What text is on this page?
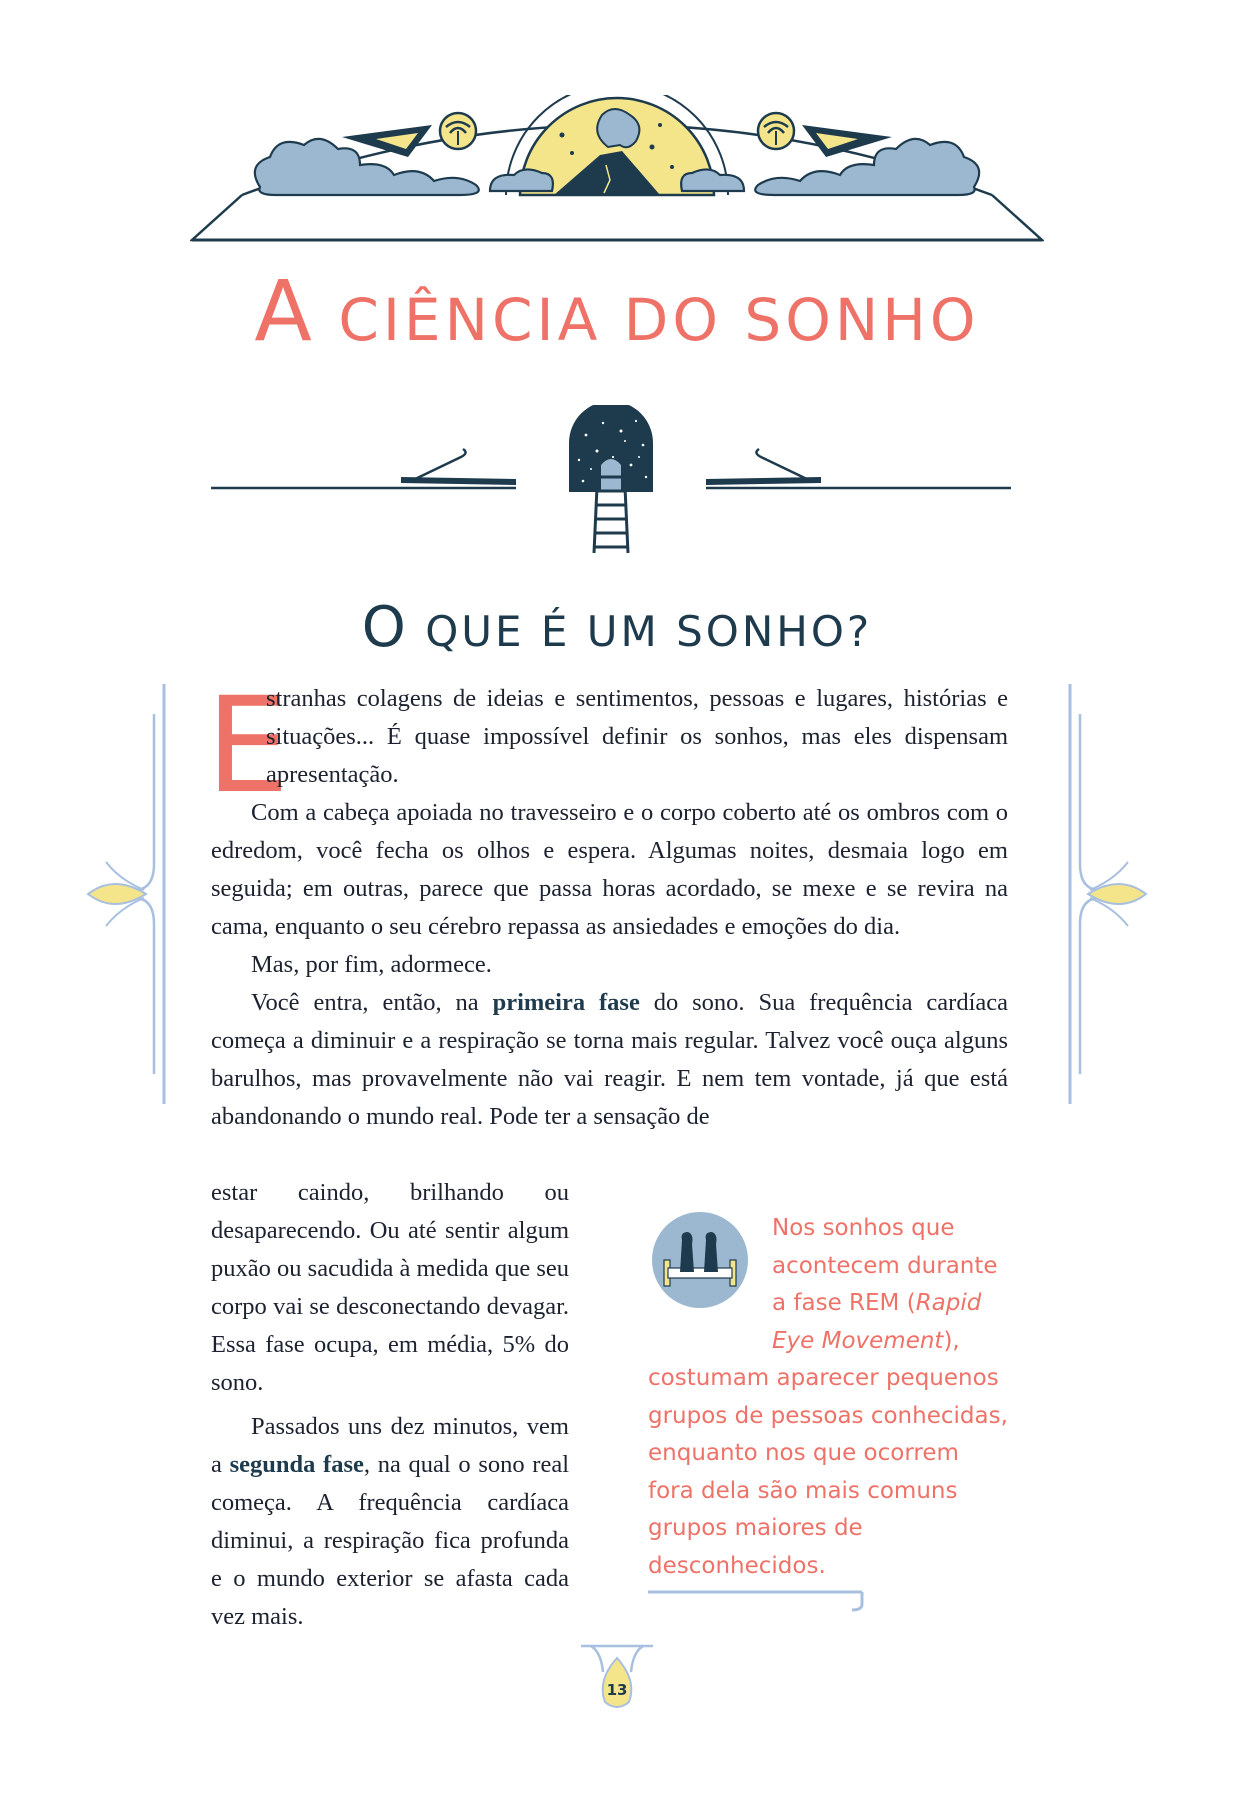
A CIÊNCIA DO SONHO
O QUE É UM SONHO?
E

stranhas colagens de ideias e sentimentos, pessoas e lugares, histórias e situações... É quase impossível definir os sonhos, mas eles dispensam apresentação.

Com a cabeça apoiada no travesseiro e o corpo coberto até os ombros com o edredom, você fecha os olhos e espera. Algumas noites, desmaia logo em seguida; em outras, parece que passa horas acordado, se mexe e se revira na cama, enquanto o seu cérebro repassa as ansiedades e emoções do dia.

Mas, por fim, adormece.

Você entra, então, na primeira fase do sono. Sua frequência cardíaca começa a diminuir e a respiração se torna mais regular. Talvez você ouça alguns barulhos, mas provavelmente não vai reagir. E nem tem vontade, já que está abandonando o mundo real. Pode ter a sensação de

estar caindo, brilhando ou desaparecendo. Ou até sentir algum puxão ou sacudida à medida que seu corpo vai se desconectando devagar. Essa fase ocupa, em média, 5% do sono.

Passados uns dez minutos, vem a segunda fase, na qual o sono real começa. A frequência cardíaca diminui, a respiração fica profunda e o mundo exterior se afasta cada vez mais.

Nos sonhos que acontecem durante a fase REM (Rapid Eye Movement), costumam aparecer pequenos grupos de pessoas conhecidas, enquanto nos que ocorrem fora dela são mais comuns grupos maiores de desconhecidos.
13
